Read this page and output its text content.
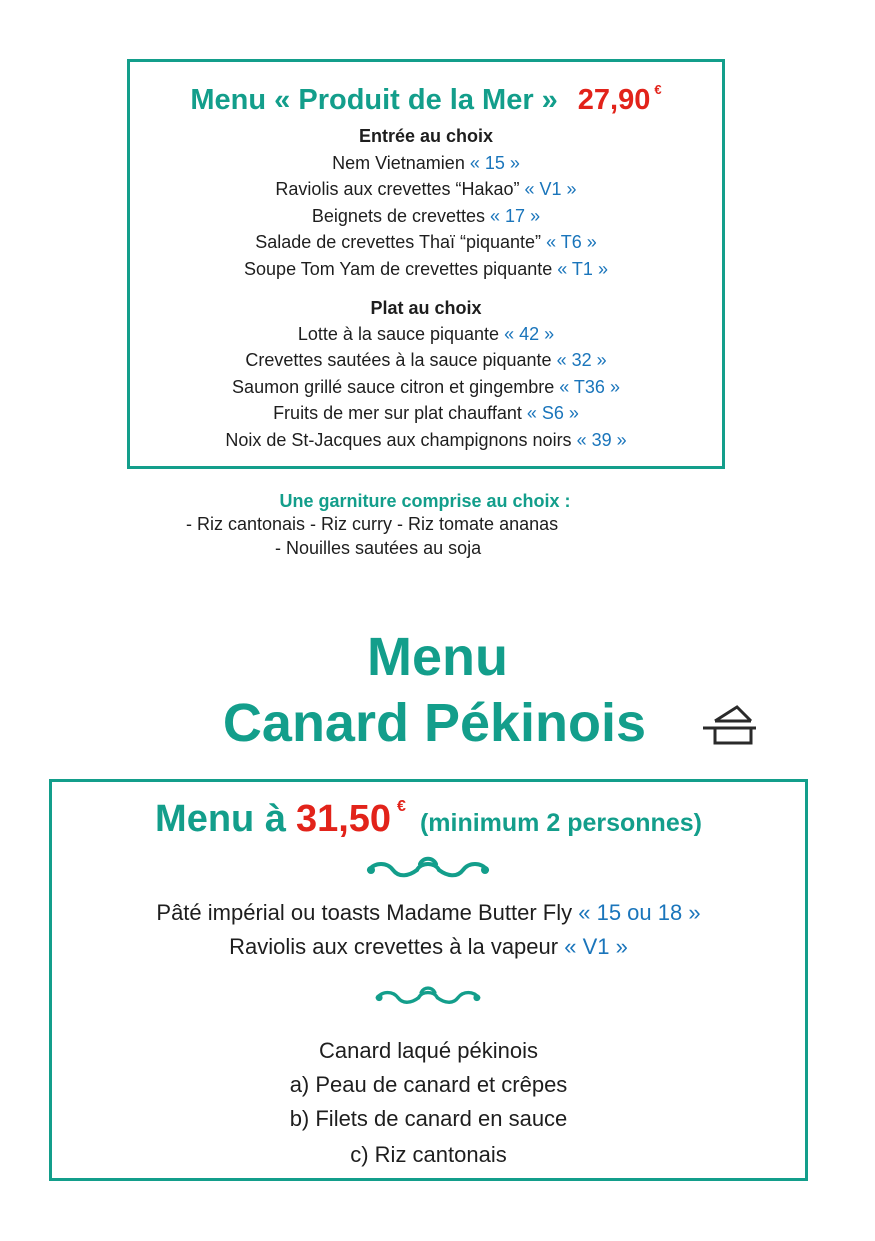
Menu « Produit de la Mer » 27,90 €
Entrée au choix
Nem Vietnamien « 15 »
Raviolis aux crevettes “Hakao” « V1 »
Beignets de crevettes « 17 »
Salade de crevettes Thaï “piquante” « T6 »
Soupe Tom Yam de crevettes piquante « T1 »
Plat au choix
Lotte à la sauce piquante « 42 »
Crevettes sautées à la sauce piquante « 32 »
Saumon grillé sauce citron et gingembre « T36 »
Fruits de mer sur plat chauffant « S6 »
Noix de St-Jacques aux champignons noirs « 39 »
Une garniture comprise au choix :
- Riz cantonais - Riz curry - Riz tomate ananas
- Nouilles sautées au soja
Menu
Canard Pékinois
Menu à 31,50 €(minimum 2 personnes)
Pâté impérial ou toasts Madame Butter Fly « 15 ou 18 »
Raviolis aux crevettes à la vapeur « V1 »
Canard laqué pékinois
a) Peau de canard et crêpes
b) Filets de canard en sauce
c) Riz cantonais
